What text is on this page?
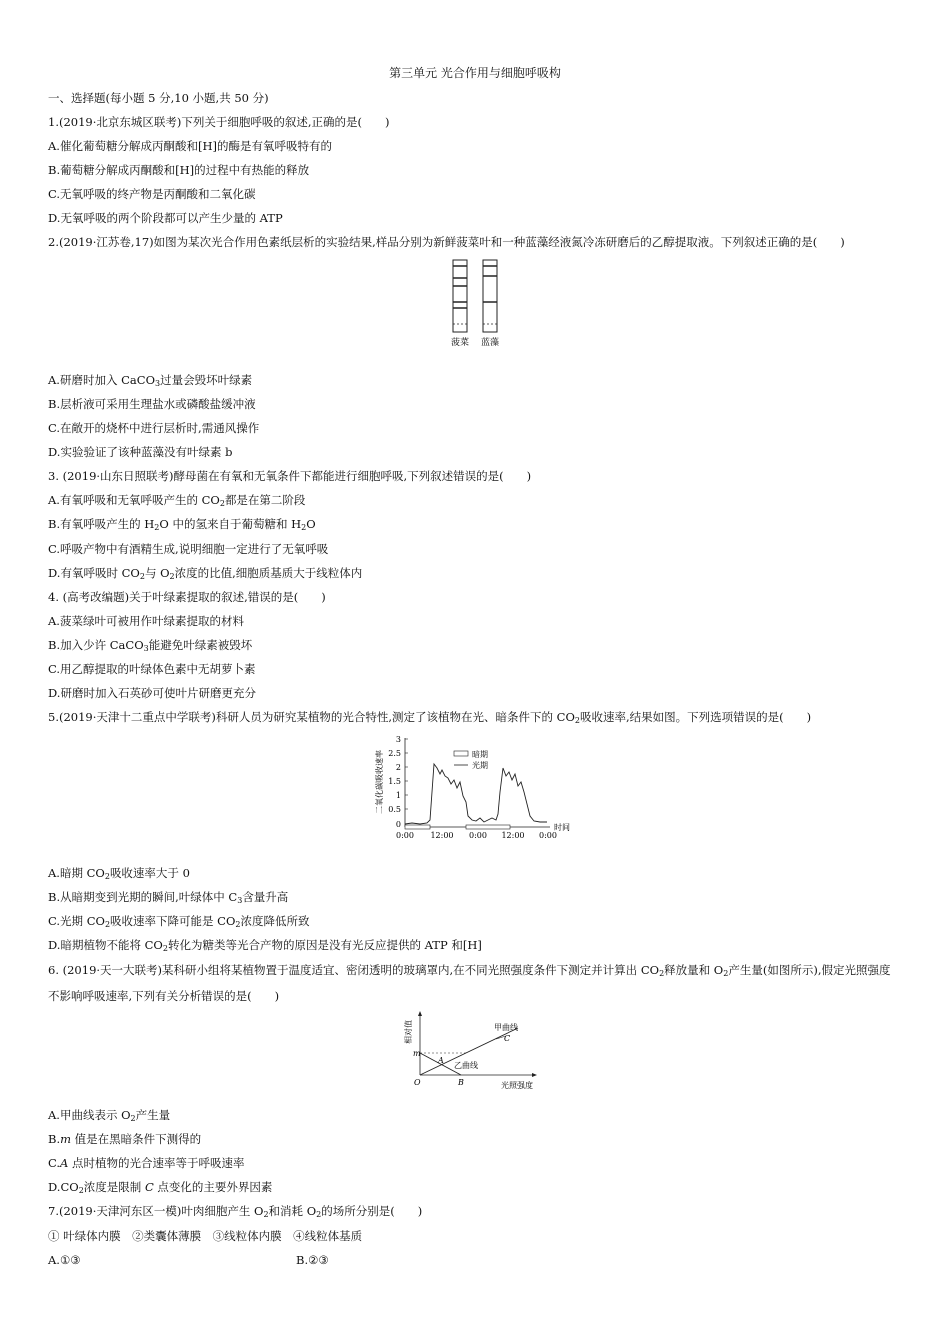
第三单元 光合作用与细胞呼吸构
一、选择题(每小题 5 分,10 小题,共 50 分)
1.(2019·北京东城区联考)下列关于细胞呼吸的叙述,正确的是(　　)
A.催化葡萄糖分解成丙酮酸和[H]的酶是有氧呼吸特有的
B.葡萄糖分解成丙酮酸和[H]的过程中有热能的释放
C.无氧呼吸的终产物是丙酮酸和二氧化碳
D.无氧呼吸的两个阶段都可以产生少量的 ATP
2.(2019·江苏卷,17)如图为某次光合作用色素纸层析的实验结果,样品分别为新鲜菠菜叶和一种蓝藻经液氮冷冻研磨后的乙醇提取液。下列叙述正确的是(　　)
菠菜 蓝藻
A.研磨时加入 CaCO$_3$过量会毁坏叶绿素
B.层析液可采用生理盐水或磷酸盐缓冲液
C.在敞开的烧杯中进行层析时,需通风操作
D.实验验证了该种蓝藻没有叶绿素 b
3. (2019·山东日照联考)酵母菌在有氧和无氧条件下都能进行细胞呼吸,下列叙述错误的是(　　)
A.有氧呼吸和无氧呼吸产生的 $CO_2$都是在第二阶段
B.有氧呼吸产生的 $H_2O$ 中的氢来自于葡萄糖和 $H_2O$
C.呼吸产物中有酒精生成,说明细胞一定进行了无氧呼吸
D.有氧呼吸时 $CO_2$与 $O_2$浓度的比值,细胞质基质大于线粒体内
4. (高考改编题)关于叶绿素提取的叙述,错误的是(　　)
A.菠菜绿叶可被用作叶绿素提取的材料
B.加入少许 CaCO$_3$能避免叶绿素被毁坏
C.用乙醇提取的叶绿体色素中无胡萝卜素
D.研磨时加入石英砂可使叶片研磨更充分
5.(2019·天津十二重点中学联考)科研人员为研究某植物的光合特性,测定了该植物在光、暗条件下的 $CO_2$吸收速率,结果如图。下列选项错误的是(　　)
二氧化碳吸收速率
3
2.5
2
1.5
1
0.5
0
0:00 12:00 0:00 12:00 0:00
时间
暗期
光期
A.暗期 $CO_2$吸收速率大于 0
B.从暗期变到光期的瞬间,叶绿体中 $C_3$含量升高
C.光期 $CO_2$吸收速率下降可能是 $CO_2$浓度降低所致
D.暗期植物不能将 $CO_2$转化为糖类等光合产物的原因是没有光反应提供的 ATP 和[H]
6. (2019·天一大联考)某科研小组将某植物置于温度适宜、密闭透明的玻璃罩内,在不同光照强度条件下测定并计算出 $CO_2$释放量和 $O_2$产生量(如图所示),假定光照强度
不影响呼吸速率,下列有关分析错误的是(　　)
相对值	甲曲线
C
A
乙曲线
m
O	B	光照强度
A.甲曲线表示 $O_2$产生量
B.m 值是在黑暗条件下测得的
C.A 点时植物的光合速率等于呼吸速率
$D.CO_2$浓度是限制 C 点变化的主要外界因素
7.(2019·天津河东区一模)叶肉细胞产生 $O_2$和消耗 $O_2$的场所分别是(　　)
① 叶绿体内膜　②类囊体薄膜　③线粒体内膜　④线粒体基质
A.①③	B.②③
